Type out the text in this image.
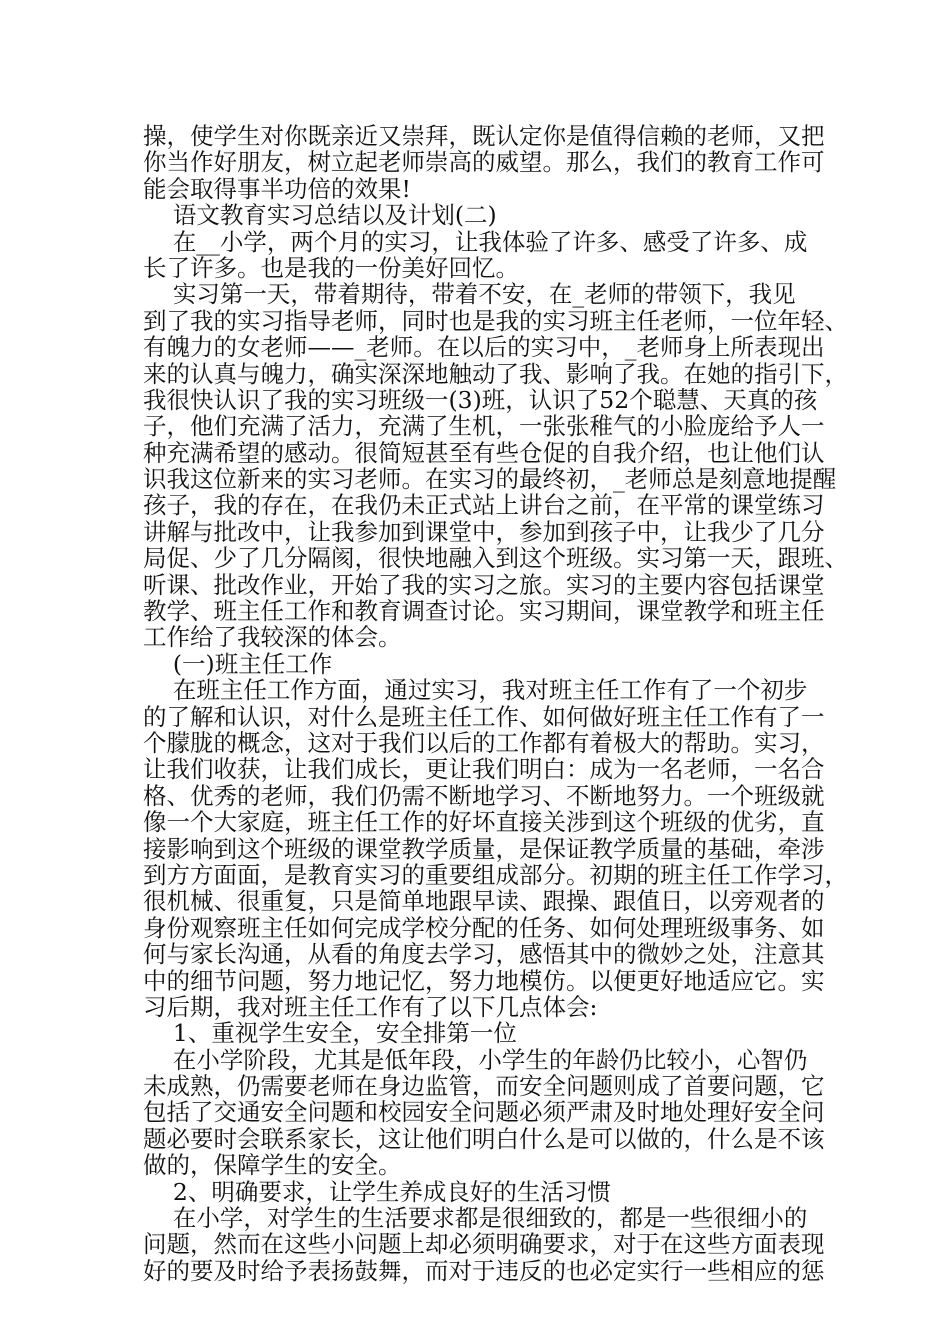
操，使学生对你既亲近又崇拜，既认定你是值得信赖的老师，又把
你当作好朋友，树立起老师崇高的威望。那么，我们的教育工作可
能会取得事半功倍的效果!
语文教育实习总结以及计划(二)
在__小学，两个月的实习，让我体验了许多、感受了许多、成
长了许多。也是我的一份美好回忆。
实习第一天，带着期待，带着不安，在_老师的带领下，我见
到了我的实习指导老师，同时也是我的实习班主任老师，一位年轻、
有魄力的女老师——_老师。在以后的实习中，_老师身上所表现出
来的认真与魄力，确实深深地触动了我、影响了我。在她的指引下，
我很快认识了我的实习班级一(3)班，认识了52个聪慧、天真的孩
子，他们充满了活力，充满了生机，一张张稚气的小脸庞给予人一
种充满希望的感动。很简短甚至有些仓促的自我介绍，也让他们认
识我这位新来的实习老师。在实习的最终初，_老师总是刻意地提醒
孩子，我的存在，在我仍未正式站上讲台之前，在平常的课堂练习
讲解与批改中，让我参加到课堂中，参加到孩子中，让我少了几分
局促、少了几分隔阂，很快地融入到这个班级。实习第一天，跟班、
听课、批改作业，开始了我的实习之旅。实习的主要内容包括课堂
教学、班主任工作和教育调查讨论。实习期间，课堂教学和班主任
工作给了我较深的体会。
(一)班主任工作
在班主任工作方面，通过实习，我对班主任工作有了一个初步
的了解和认识，对什么是班主任工作、如何做好班主任工作有了一
个朦胧的概念，这对于我们以后的工作都有着极大的帮助。实习，
让我们收获，让我们成长，更让我们明白：成为一名老师，一名合
格、优秀的老师，我们仍需不断地学习、不断地努力。一个班级就
像一个大家庭，班主任工作的好坏直接关涉到这个班级的优劣，直
接影响到这个班级的课堂教学质量，是保证教学质量的基础，牵涉
到方方面面，是教育实习的重要组成部分。初期的班主任工作学习，
很机械、很重复，只是简单地跟早读、跟操、跟值日，以旁观者的
身份观察班主任如何完成学校分配的任务、如何处理班级事务、如
何与家长沟通，从看的角度去学习，感悟其中的微妙之处，注意其
中的细节问题，努力地记忆，努力地模仿。以便更好地适应它。实
习后期，我对班主任工作有了以下几点体会:
1、重视学生安全，安全排第一位
在小学阶段，尤其是低年段，小学生的年龄仍比较小，心智仍
未成熟，仍需要老师在身边监管，而安全问题则成了首要问题，它
包括了交通安全问题和校园安全问题必须严肃及时地处理好安全问
题必要时会联系家长，这让他们明白什么是可以做的，什么是不该
做的，保障学生的安全。
2、明确要求，让学生养成良好的生活习惯
在小学，对学生的生活要求都是很细致的，都是一些很细小的
问题，然而在这些小问题上却必须明确要求，对于在这些方面表现
好的要及时给予表扬鼓舞，而对于违反的也必定实行一些相应的惩
